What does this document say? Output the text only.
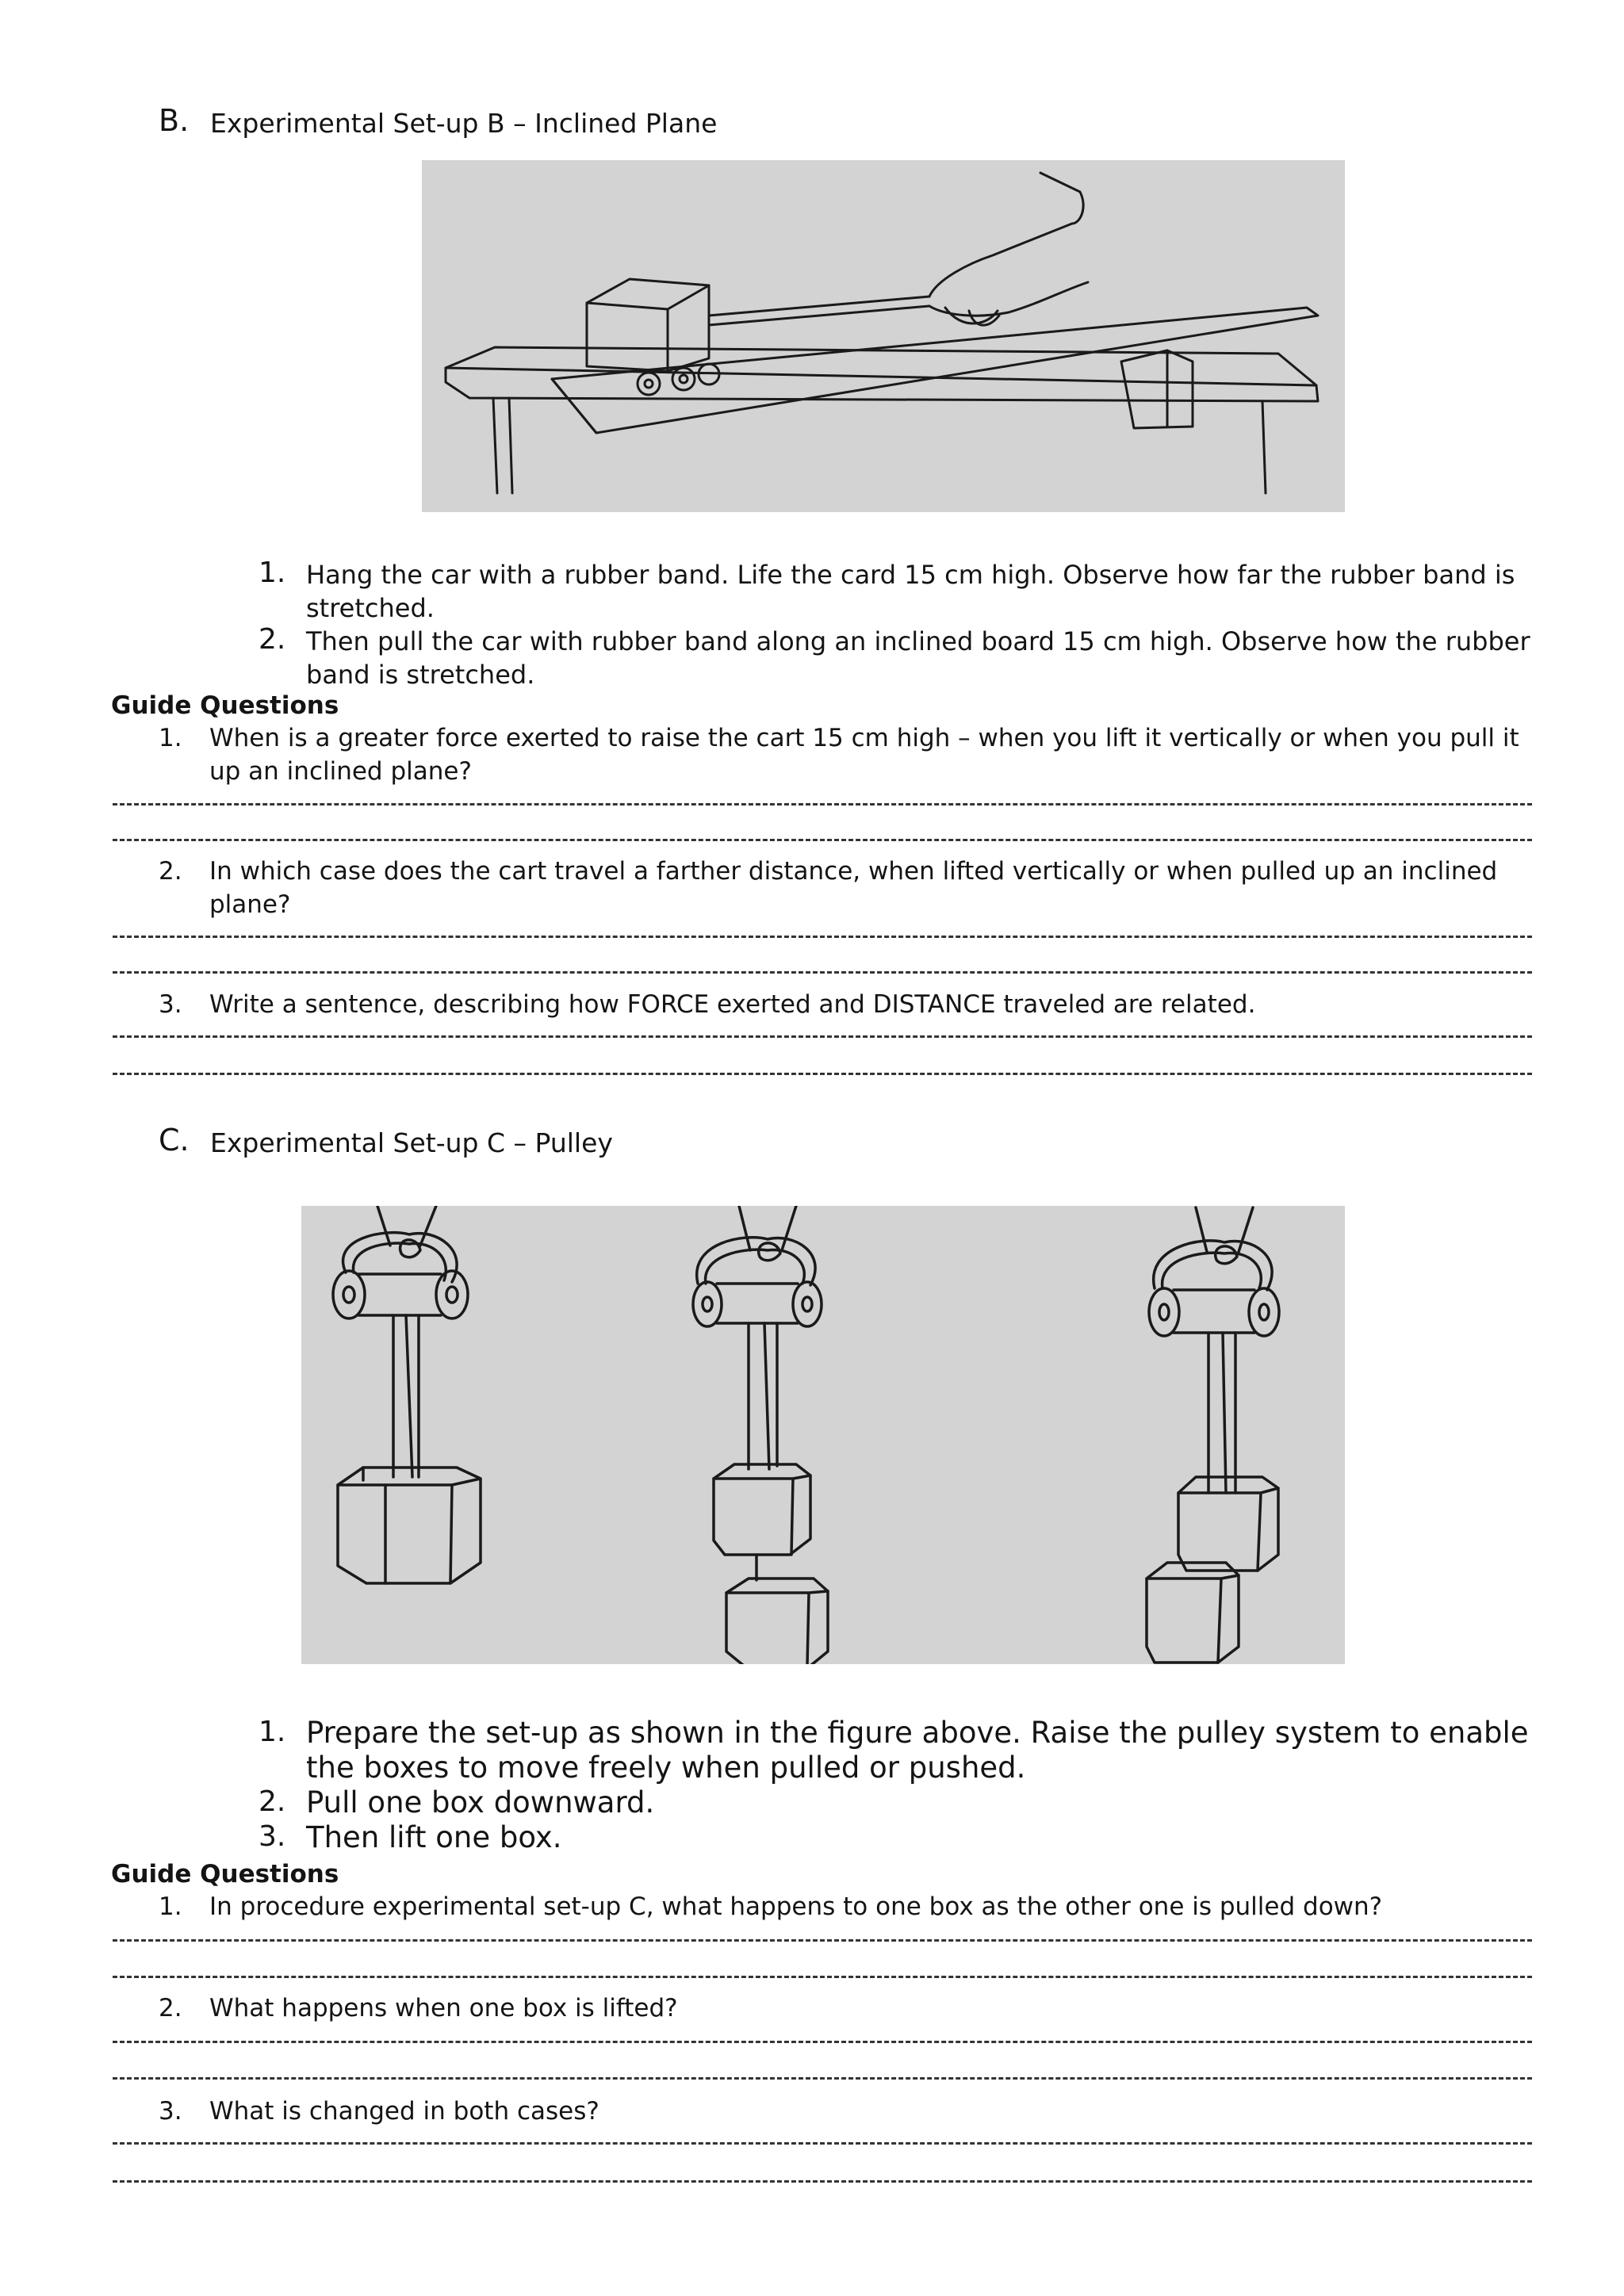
B. Experimental Set-up B – Inclined Plane
1. Hang the car with a rubber band. Life the card 15 cm high. Observe how far the rubber band is stretched.
2. Then pull the car with rubber band along an inclined board 15 cm high. Observe how the rubber band is stretched.
Guide Questions
1. When is a greater force exerted to raise the cart 15 cm high – when you lift it vertically or when you pull it up an inclined plane?
2. In which case does the cart travel a farther distance, when lifted vertically or when pulled up an inclined plane?
3. Write a sentence, describing how FORCE exerted and DISTANCE traveled are related.
C. Experimental Set-up C – Pulley
1. Prepare the set-up as shown in the figure above. Raise the pulley system to enable the boxes to move freely when pulled or pushed.
2. Pull one box downward.
3. Then lift one box.
Guide Questions
1. In procedure experimental set-up C, what happens to one box as the other one is pulled down?
2. What happens when one box is lifted?
3. What is changed in both cases?
